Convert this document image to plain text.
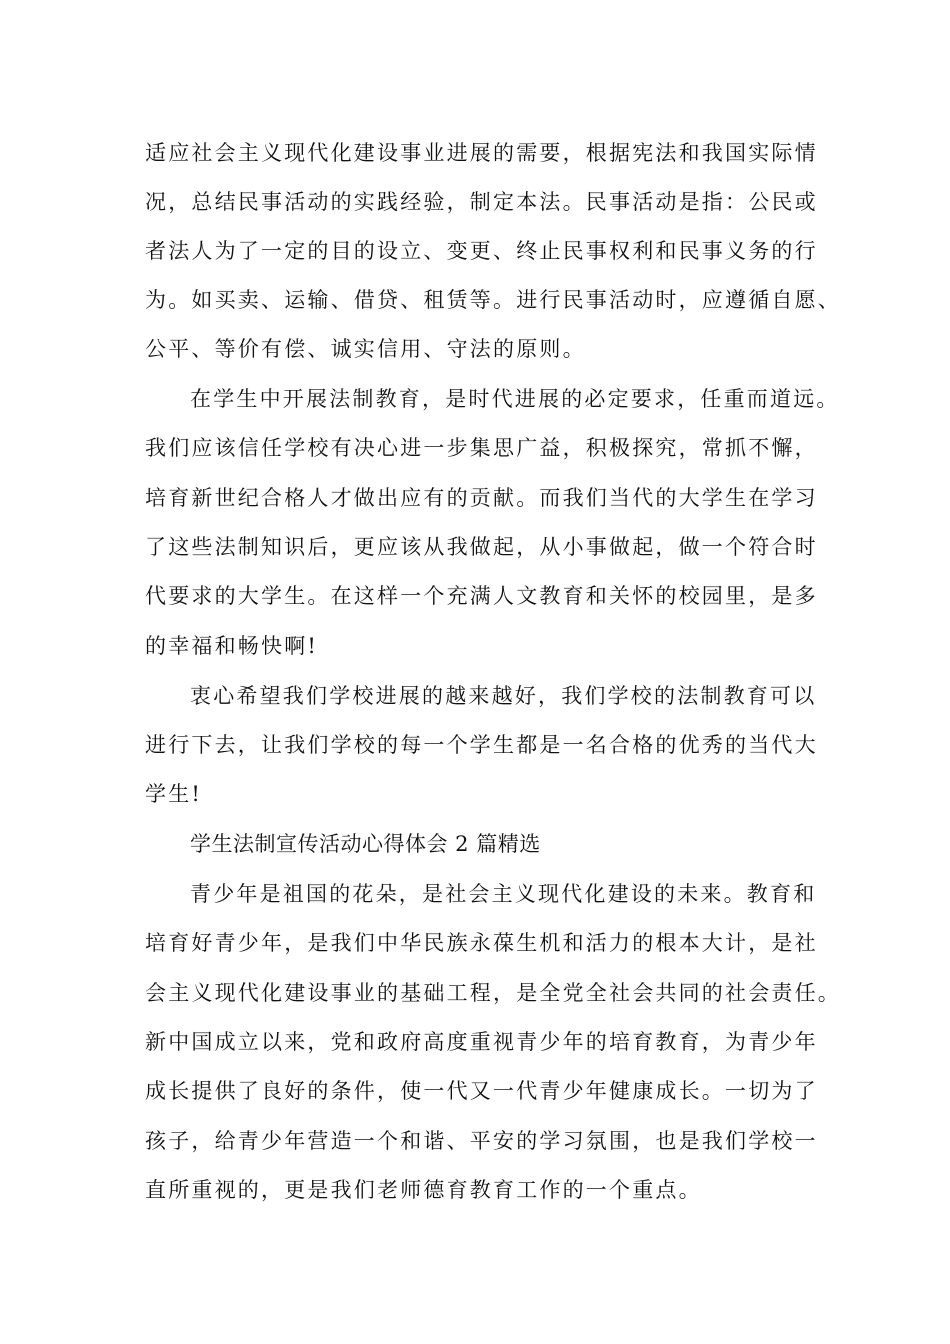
适应社会主义现代化建设事业进展的需要，根据宪法和我国实际情
况，总结民事活动的实践经验，制定本法。民事活动是指：公民或
者法人为了一定的目的设立、变更、终止民事权利和民事义务的行
为。如买卖、运输、借贷、租赁等。进行民事活动时，应遵循自愿、
公平、等价有偿、诚实信用、守法的原则。
在学生中开展法制教育，是时代进展的必定要求，任重而道远。
我们应该信任学校有决心进一步集思广益，积极探究，常抓不懈，
培育新世纪合格人才做出应有的贡献。而我们当代的大学生在学习
了这些法制知识后，更应该从我做起，从小事做起，做一个符合时
代要求的大学生。在这样一个充满人文教育和关怀的校园里，是多
的幸福和畅快啊!
衷心希望我们学校进展的越来越好，我们学校的法制教育可以
进行下去，让我们学校的每一个学生都是一名合格的优秀的当代大
学生!
学生法制宣传活动心得体会 2 篇精选
青少年是祖国的花朵，是社会主义现代化建设的未来。教育和
培育好青少年，是我们中华民族永葆生机和活力的根本大计，是社
会主义现代化建设事业的基础工程，是全党全社会共同的社会责任。
新中国成立以来，党和政府高度重视青少年的培育教育，为青少年
成长提供了良好的条件，使一代又一代青少年健康成长。一切为了
孩子，给青少年营造一个和谐、平安的学习氛围，也是我们学校一
直所重视的，更是我们老师德育教育工作的一个重点。
